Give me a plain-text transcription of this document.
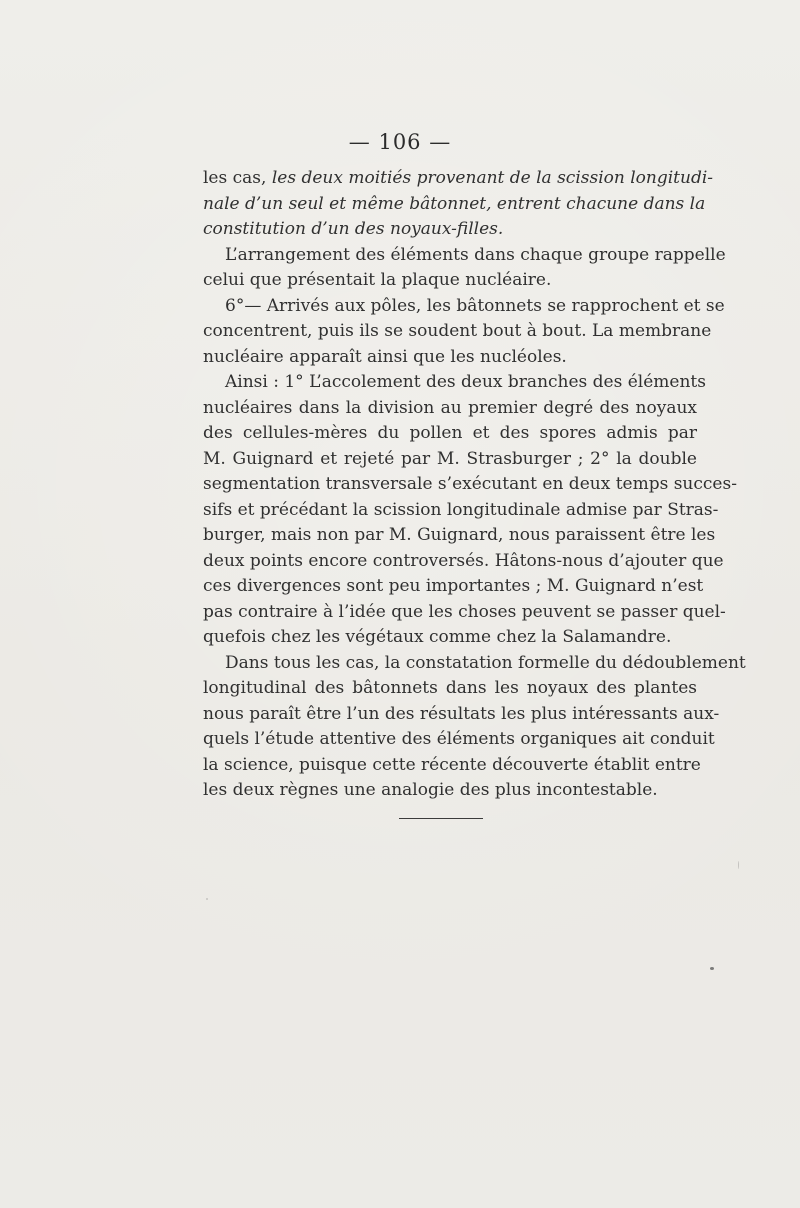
— 106 —
les cas, les deux moitiés provenant de la scission longitudi-
nale d’un seul et même bâtonnet, entrent chacune dans la
constitution d’un des noyaux-filles.
L’arrangement des éléments dans chaque groupe rappelle
celui que présentait la plaque nucléaire.
6°— Arrivés aux pôles, les bâtonnets se rapprochent et se
concentrent, puis ils se soudent bout à bout. La membrane
nucléaire apparaît ainsi que les nucléoles.
Ainsi : 1° L’accolement des deux branches des éléments
nucléaires dans la division au premier degré des noyaux
des cellules-mères du pollen et des spores admis par
M. Guignard et rejeté par M. Strasburger ; 2° la double
segmentation transversale s’exécutant en deux temps succes-
sifs et précédant la scission longitudinale admise par Stras-
burger, mais non par M. Guignard, nous paraissent être les
deux points encore controversés. Hâtons-nous d’ajouter que
ces divergences sont peu importantes ; M. Guignard n’est
pas contraire à l’idée que les choses peuvent se passer quel-
quefois chez les végétaux comme chez la Salamandre.
Dans tous les cas, la constatation formelle du dédoublement
longitudinal des bâtonnets dans les noyaux des plantes
nous paraît être l’un des résultats les plus intéressants aux-
quels l’étude attentive des éléments organiques ait conduit
la science, puisque cette récente découverte établit entre
les deux règnes une analogie des plus incontestable.
